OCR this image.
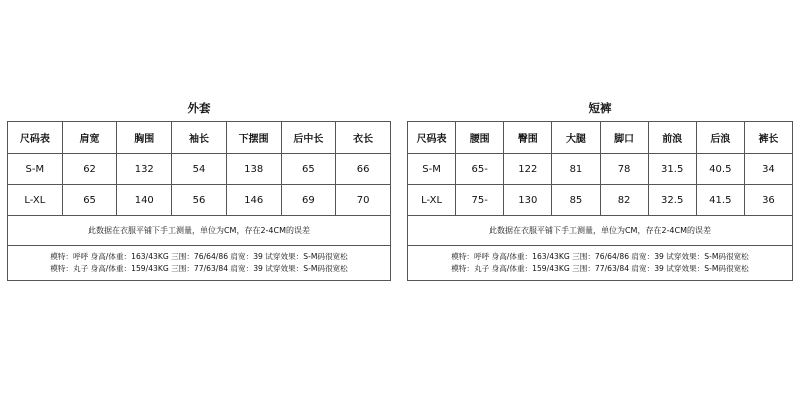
外套
尺码表	肩宽	胸围	袖长	下摆围	后中长	衣长
S-M	62	132	54	138	65	66
L-XL	65	140	56	146	69	70
此数据在衣服平铺下手工测量，单位为CM，存在2-4CM的误差						

模特：呼呼 身高/体重：163/43KG 三围：76/64/86 肩宽：39 试穿效果：S-M码很宽松
模特：丸子 身高/体重：159/43KG 三围：77/63/84 肩宽：39 试穿效果：S-M码很宽松						
短裤
尺码表	腰围	臀围	大腿	脚口	前浪	后浪	裤长
S-M	65-	122	81	78	31.5	40.5	34
L-XL	75-	130	85	82	32.5	41.5	36
此数据在衣服平铺下手工测量，单位为CM，存在2-4CM的误差							

模特：呼呼 身高/体重：163/43KG 三围：76/64/86 肩宽：39 试穿效果：S-M码很宽松
模特：丸子 身高/体重：159/43KG 三围：77/63/84 肩宽：39 试穿效果：S-M码很宽松							
